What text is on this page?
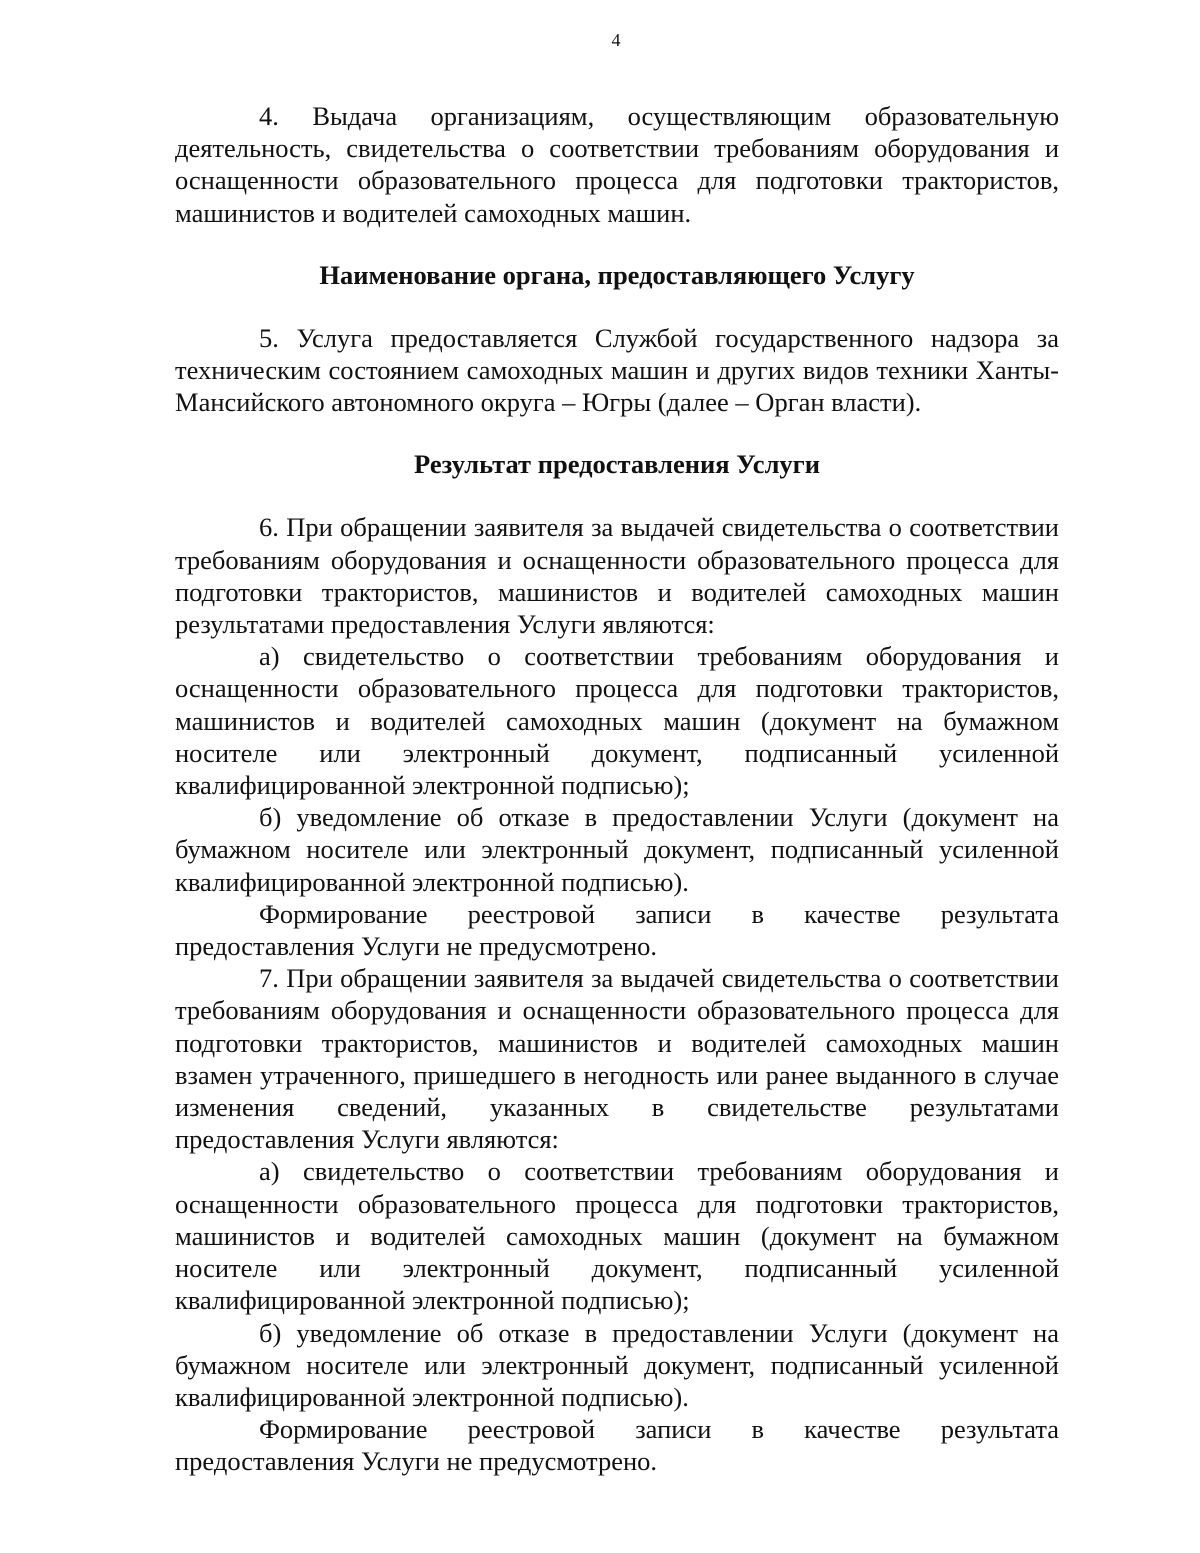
4

4. Выдача организациям, осуществляющим образовательную деятельность, свидетельства о соответствии требованиям оборудования и оснащенности образовательного процесса для подготовки трактористов, машинистов и водителей самоходных машин.

Наименование органа, предоставляющего Услугу

5. Услуга предоставляется Службой государственного надзора за техническим состоянием самоходных машин и других видов техники Ханты-Мансийского автономного округа – Югры (далее – Орган власти).

Результат предоставления Услуги

6. При обращении заявителя за выдачей свидетельства о соответствии требованиям оборудования и оснащенности образовательного процесса для подготовки трактористов, машинистов и водителей самоходных машин результатами предоставления Услуги являются:

а) свидетельство о соответствии требованиям оборудования и оснащенности образовательного процесса для подготовки трактористов, машинистов и водителей самоходных машин (документ на бумажном носителе или электронный документ, подписанный усиленной квалифицированной электронной подписью);

б) уведомление об отказе в предоставлении Услуги (документ на бумажном носителе или электронный документ, подписанный усиленной квалифицированной электронной подписью).

Формирование реестровой записи в качестве результата предоставления Услуги не предусмотрено.

7. При обращении заявителя за выдачей свидетельства о соответствии требованиям оборудования и оснащенности образовательного процесса для подготовки трактористов, машинистов и водителей самоходных машин взамен утраченного, пришедшего в негодность или ранее выданного в случае изменения сведений, указанных в свидетельстве результатами предоставления Услуги являются:

а) свидетельство о соответствии требованиям оборудования и оснащенности образовательного процесса для подготовки трактористов, машинистов и водителей самоходных машин (документ на бумажном носителе или электронный документ, подписанный усиленной квалифицированной электронной подписью);

б) уведомление об отказе в предоставлении Услуги (документ на бумажном носителе или электронный документ, подписанный усиленной квалифицированной электронной подписью).

Формирование реестровой записи в качестве результата предоставления Услуги не предусмотрено.
